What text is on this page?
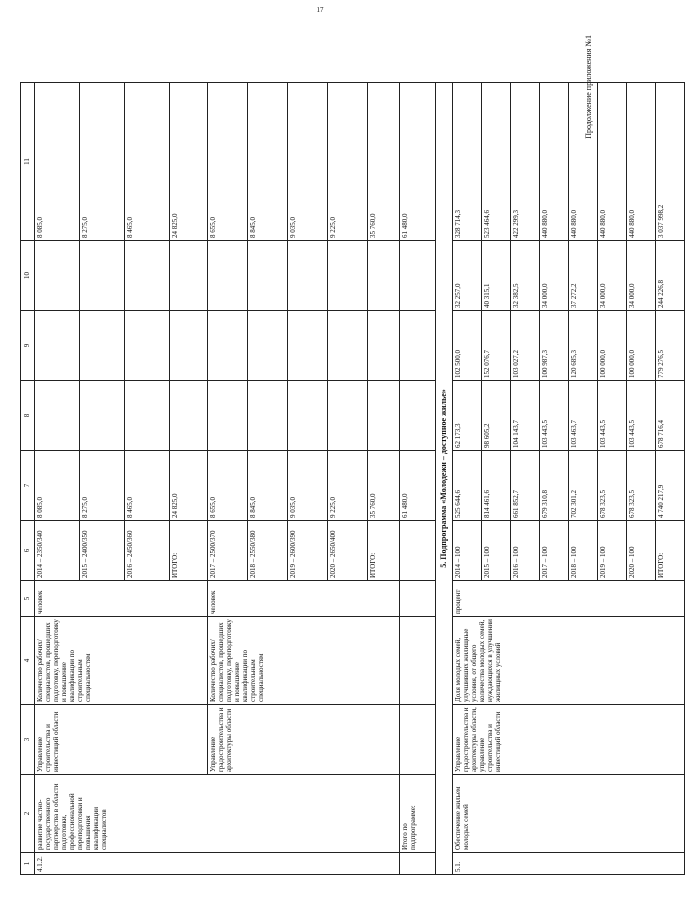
17
1	2	3	4	5	6	7	8	9	10	11
4.1.2.	развитие частно-государственного партнерства в области подготовки, профессиональной переподготовки и повышения квалификации специалистов	Управление строительства и инвестиций области	Количество рабочих/ специалистов, прошедших подготовку, переподготовку и повышение квалификации по строительным специальностям	человек	2014 – 2350/340	8 085,0				8 085,0
					2015 – 2400/350	8 275,0				8 275,0
					2016 – 2450/360	8 465,0				8 465,0
					ИТОГО:	24 825,0				24 825,0
		Управление градостроительства и архитектуры области	Количество рабочих/ специалистов, прошедших подготовку, переподготовку и повышение квалификации по строительным специальностям	человек	2017 – 2500/370	8 655,0				8 655,0
					2018 – 2550/380	8 845,0				8 845,0
					2019 – 2600/390	9 035,0				9 035,0
					2020 – 2650/400	9 225,0				9 225,0
					ИТОГО:	35 760,0				35 760,0
	Итого по подпрограмме:					61 480,0				61 480,0
5. Подпрограмма «Молодежи – доступное жилье»										
5.1.	Обеспечение жильем молодых семей	Управление градостроительства и архитектуры области, управление строительства и инвестиций области	Доля молодых семей, улучшивших жилищные условия, от общего количества молодых семей, нуждающихся в улучшении жилищных условий	процент	2014 – 100	525 644,6	62 173,3	102 500,0	32 257,0	328 714,3
					2015 – 100	814 461,6	98 605,2	152 076,7	40 315,1	523 464,6
					2016 – 100	661 852,7	104 143,7	103 027,2	32 382,5	422 299,3
					2017 – 100	679 310,8	103 443,5	100 987,3	34 000,0	440 880,0
					2018 – 100	702 301,2	103 463,7	120 685,3	37 272,2	440 880,0
					2019 – 100	678 323,5	103 443,5	100 000,0	34 000,0	440 880,0
					2020 – 100	678 323,5	103 443,5	100 000,0	34 000,0	440 880,0
					ИТОГО:	4 740 217,9	678 716,4	779 276,5	244 226,8	3 037 998,2
Продолжение приложения №1
